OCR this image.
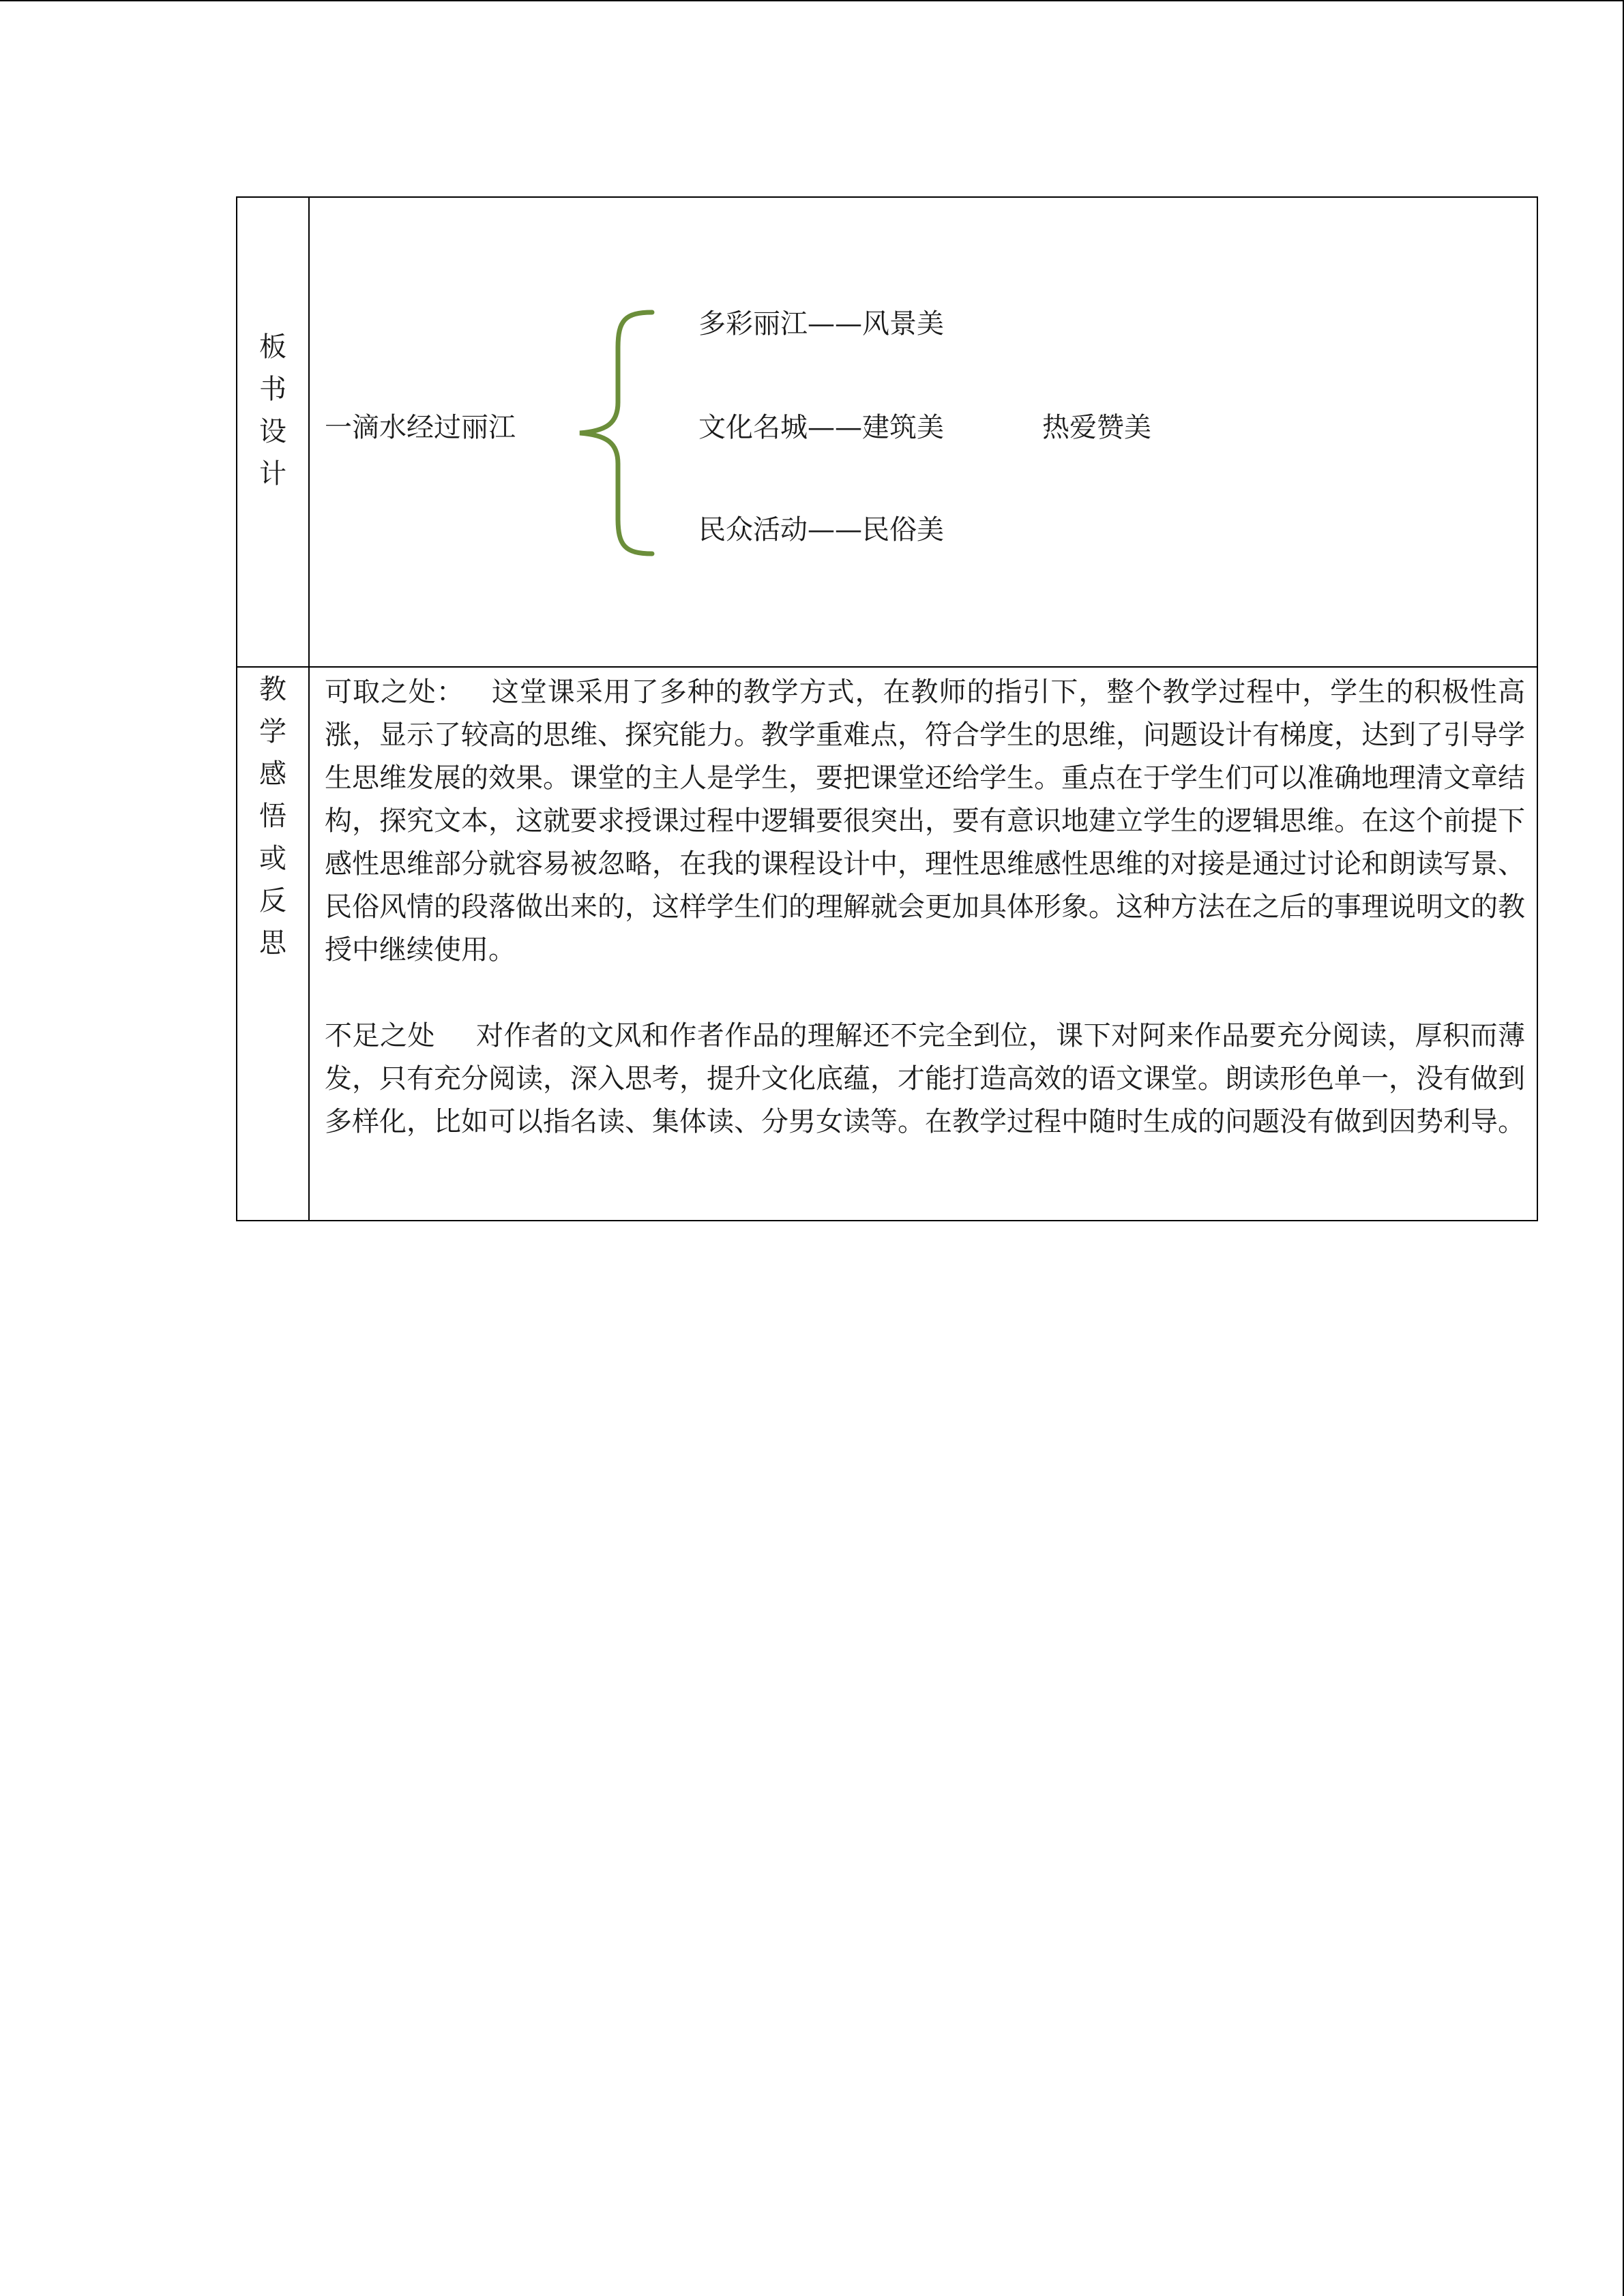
板
书
设
计
一滴水经过丽江
多彩丽江——风景美
文化名城——建筑美
民众活动——民俗美
热爱赞美
教
学
感
悟
或
反
思

可取之处： 这堂课采用了多种的教学方式，在教师的指引下，整个教学过程中，学生的积极性高涨，显示了较高的思维、探究能力。教学重难点，符合学生的思维，问题设计有梯度，达到了引导学生思维发展的效果。课堂的主人是学生，要把课堂还给学生。重点在于学生们可以准确地理清文章结构，探究文本，这就要求授课过程中逻辑要很突出，要有意识地建立学生的逻辑思维。在这个前提下感性思维部分就容易被忽略，在我的课程设计中，理性思维感性思维的对接是通过讨论和朗读写景、民俗风情的段落做出来的，这样学生们的理解就会更加具体形象。这种方法在之后的事理说明文的教授中继续使用。

不足之处 对作者的文风和作者作品的理解还不完全到位，课下对阿来作品要充分阅读，厚积而薄发，只有充分阅读，深入思考，提升文化底蕴，才能打造高效的语文课堂。朗读形色单一，没有做到多样化，比如可以指名读、集体读、分男女读等。在教学过程中随时生成的问题没有做到因势利导。
